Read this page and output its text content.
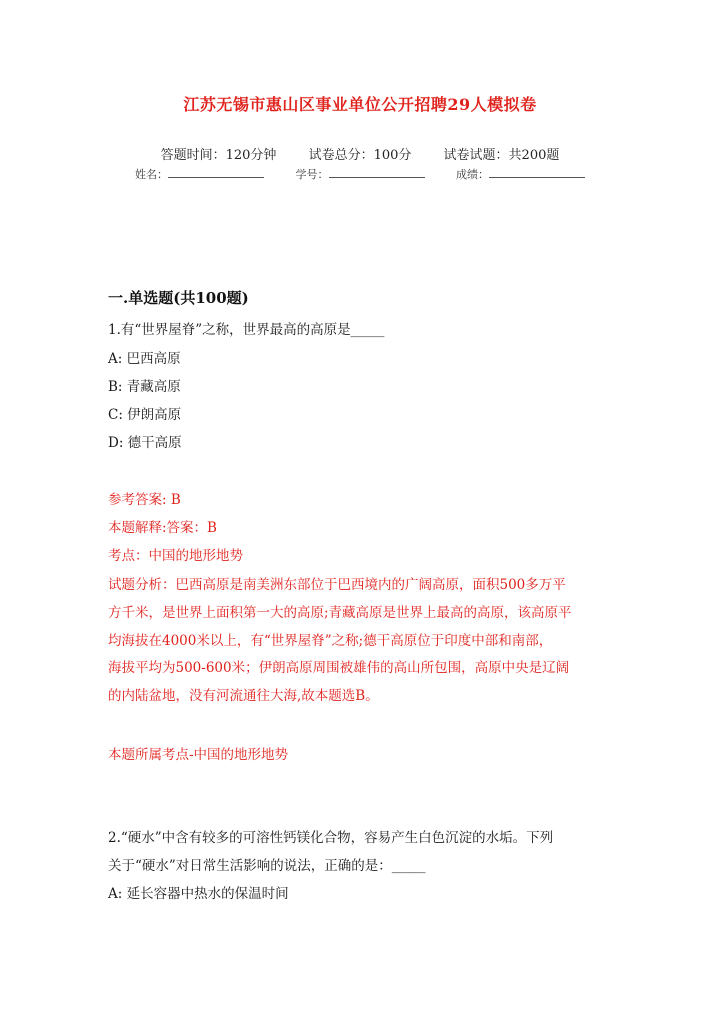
江苏无锡市惠山区事业单位公开招聘29人模拟卷
答题时间：120分钟 试卷总分：100分 试卷试题：共200题
姓名：	学号：	成绩：
一.单选题(共100题)
1.有“世界屋脊”之称，世界最高的高原是_____
A: 巴西高原
B: 青藏高原
C: 伊朗高原
D: 德干高原
参考答案: B
本题解释:答案：B
考点：中国的地形地势
试题分析：巴西高原是南美洲东部位于巴西境内的广阔高原，面积500多万平
方千米，是世界上面积第一大的高原;青藏高原是世界上最高的高原，该高原平
均海拔在4000米以上，有“世界屋脊”之称;德干高原位于印度中部和南部，
海拔平均为500-600米；伊朗高原周围被雄伟的高山所包围，高原中央是辽阔
的内陆盆地，没有河流通往大海,故本题选B。
本题所属考点-中国的地形地势
2.“硬水”中含有较多的可溶性钙镁化合物，容易产生白色沉淀的水垢。下列
关于“硬水”对日常生活影响的说法，正确的是：_____
A: 延长容器中热水的保温时间
